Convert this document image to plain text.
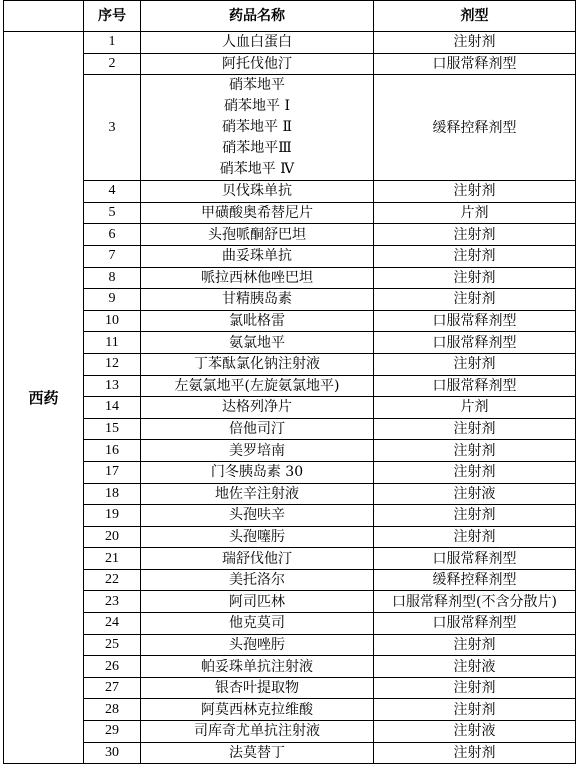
	序号	药品名称	剂型
西药	1	人血白蛋白	注射剂
	2	阿托伐他汀	口服常释剂型
	3	硝苯地平
硝苯地平 Ⅰ
硝苯地平 Ⅱ
硝苯地平Ⅲ
硝苯地平 Ⅳ	缓释控释剂型
	4	贝伐珠单抗	注射剂
	5	甲磺酸奥希替尼片	片剂
	6	头孢哌酮舒巴坦	注射剂
	7	曲妥珠单抗	注射剂
	8	哌拉西林他唑巴坦	注射剂
	9	甘精胰岛素	注射剂
	10	氯吡格雷	口服常释剂型
	11	氨氯地平	口服常释剂型
	12	丁苯酞氯化钠注射液	注射剂
	13	左氨氯地平(左旋氨氯地平)	口服常释剂型
	14	达格列净片	片剂
	15	倍他司汀	注射剂
	16	美罗培南	注射剂
	17	门冬胰岛素 30	注射剂
	18	地佐辛注射液	注射液
	19	头孢呋辛	注射剂
	20	头孢噻肟	注射剂
	21	瑞舒伐他汀	口服常释剂型
	22	美托洛尔	缓释控释剂型
	23	阿司匹林	口服常释剂型(不含分散片)
	24	他克莫司	口服常释剂型
	25	头孢唑肟	注射剂
	26	帕妥珠单抗注射液	注射液
	27	银杏叶提取物	注射剂
	28	阿莫西林克拉维酸	注射剂
	29	司库奇尤单抗注射液	注射液
	30	法莫替丁	注射剂
